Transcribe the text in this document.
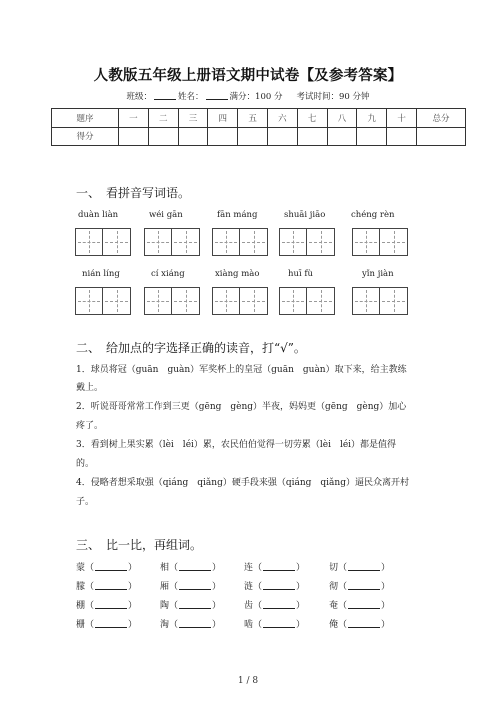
人教版五年级上册语文期中试卷【及参考答案】
班级：	姓名：	满分：100 分 考试时间：90 分钟
题序	一	二	三	四	五	六	七	八	九	十	总分
得分											
一、 看拼音写词语。
duàn liàn	wéi gān	fān máng	shuāi jiāo	chéng rèn
nián líng	cí xiáng	xiàng mào	huī fù	yǐn jiàn
二、 给加点的字选择正确的读音，打“√”。
1．球员将冠（guān　guàn）军奖杯上的皇冠（guān　guàn）取下来，给主教练
戴上。
2．听说哥哥常常工作到三更（gēng　gèng）半夜，妈妈更（gēng　gèng）加心
疼了。
3．看到树上果实累（lèi　léi）累，农民伯伯觉得一切劳累（lèi　léi）都是值得
的。
4．侵略者想采取强（qiáng　qiǎng）硬手段来强（qiáng　qiǎng）逼民众离开村
子。
三、 比一比，再组词。
蒙（	）	相（	）	连（	）	切（	）
朦（	）	厢（	）	涟（	）	彻（	）
棚（	）	陶（	）	齿（	）	奄（	）
栅（	）	淘（	）	啮（	）	俺（	）
1 / 8
